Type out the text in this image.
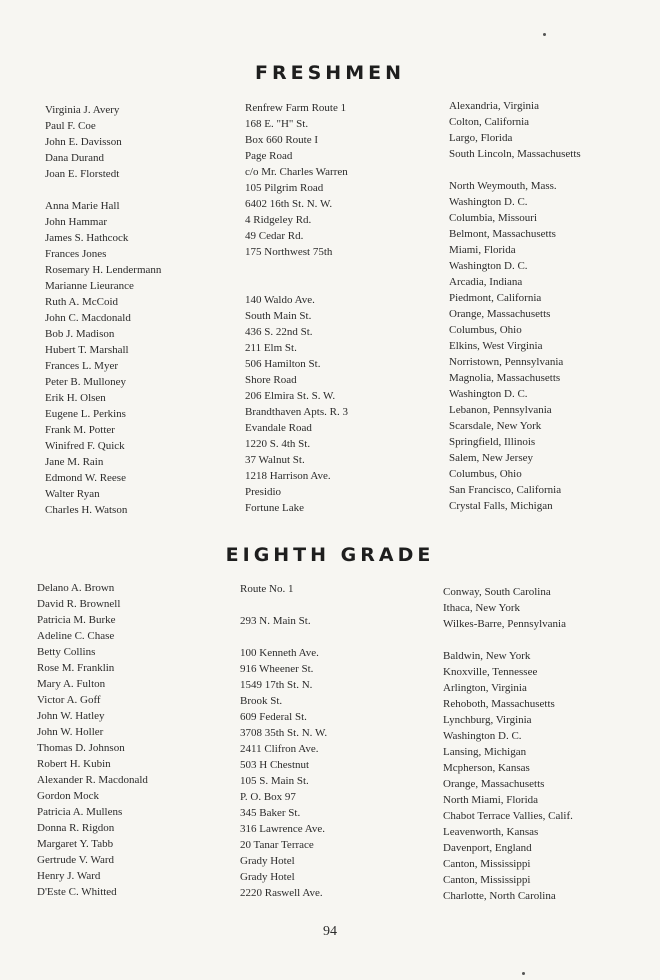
FRESHMEN
Virginia J. Avery
Paul F. Coe
John E. Davisson
Dana Durand
Joan E. Florstedt

Anna Marie Hall
John Hammar
James S. Hathcock
Frances Jones
Rosemary H. Lendermann
Marianne Lieurance
Ruth A. McCoid
John C. Macdonald
Bob J. Madison
Hubert T. Marshall
Frances L. Myer
Peter B. Mulloney
Erik H. Olsen
Eugene L. Perkins
Frank M. Potter
Winifred F. Quick
Jane M. Rain
Edmond W. Reese
Walter Ryan
Charles H. Watson
Renfrew Farm Route 1
168 E. "H" St.
Box 660 Route I
Page Road
c/o Mr. Charles Warren
105 Pilgrim Road
6402 16th St. N. W.
4 Ridgeley Rd.
49 Cedar Rd.
175 Northwest 75th

140 Waldo Ave.
South Main St.
436 S. 22nd St.
211 Elm St.
506 Hamilton St.
Shore Road
206 Elmira St. S. W.
Brandthaven Apts. R. 3
Evandale Road
1220 S. 4th St.
37 Walnut St.
1218 Harrison Ave.
Presidio
Fortune Lake
Alexandria, Virginia
Colton, California
Largo, Florida
South Lincoln, Massachusetts

North Weymouth, Mass.
Washington D. C.
Columbia, Missouri
Belmont, Massachusetts
Miami, Florida
Washington D. C.
Arcadia, Indiana
Piedmont, California
Orange, Massachusetts
Columbus, Ohio
Elkins, West Virginia
Norristown, Pennsylvania
Magnolia, Massachusetts
Washington D. C.
Lebanon, Pennsylvania
Scarsdale, New York
Springfield, Illinois
Salem, New Jersey
Columbus, Ohio
San Francisco, California
Crystal Falls, Michigan
EIGHTH GRADE
Delano A. Brown
David R. Brownell
Patricia M. Burke
Adeline C. Chase
Betty Collins
Rose M. Franklin
Mary A. Fulton
Victor A. Goff
John W. Hatley
John W. Holler
Thomas D. Johnson
Robert H. Kubin
Alexander R. Macdonald
Gordon Mock
Patricia A. Mullens
Donna R. Rigdon
Margaret Y. Tabb
Gertrude V. Ward
Henry J. Ward
D'Este C. Whitted
Route No. 1

293 N. Main St.

100 Kenneth Ave.
916 Wheener St.
1549 17th St. N.
Brook St.
609 Federal St.
3708 35th St. N. W.
2411 Clifron Ave.
503 H Chestnut
105 S. Main St.
P. O. Box 97
345 Baker St.
316 Lawrence Ave.
20 Tanar Terrace
Grady Hotel
Grady Hotel
2220 Raswell Ave.
Conway, South Carolina
Ithaca, New York
Wilkes-Barre, Pennsylvania

Baldwin, New York
Knoxville, Tennessee
Arlington, Virginia
Rehoboth, Massachusetts
Lynchburg, Virginia
Washington D. C.
Lansing, Michigan
Mcpherson, Kansas
Orange, Massachusetts
North Miami, Florida
Chabot Terrace Vallies, Calif.
Leavenworth, Kansas
Davenport, England
Canton, Mississippi
Canton, Mississippi
Charlotte, North Carolina
94
